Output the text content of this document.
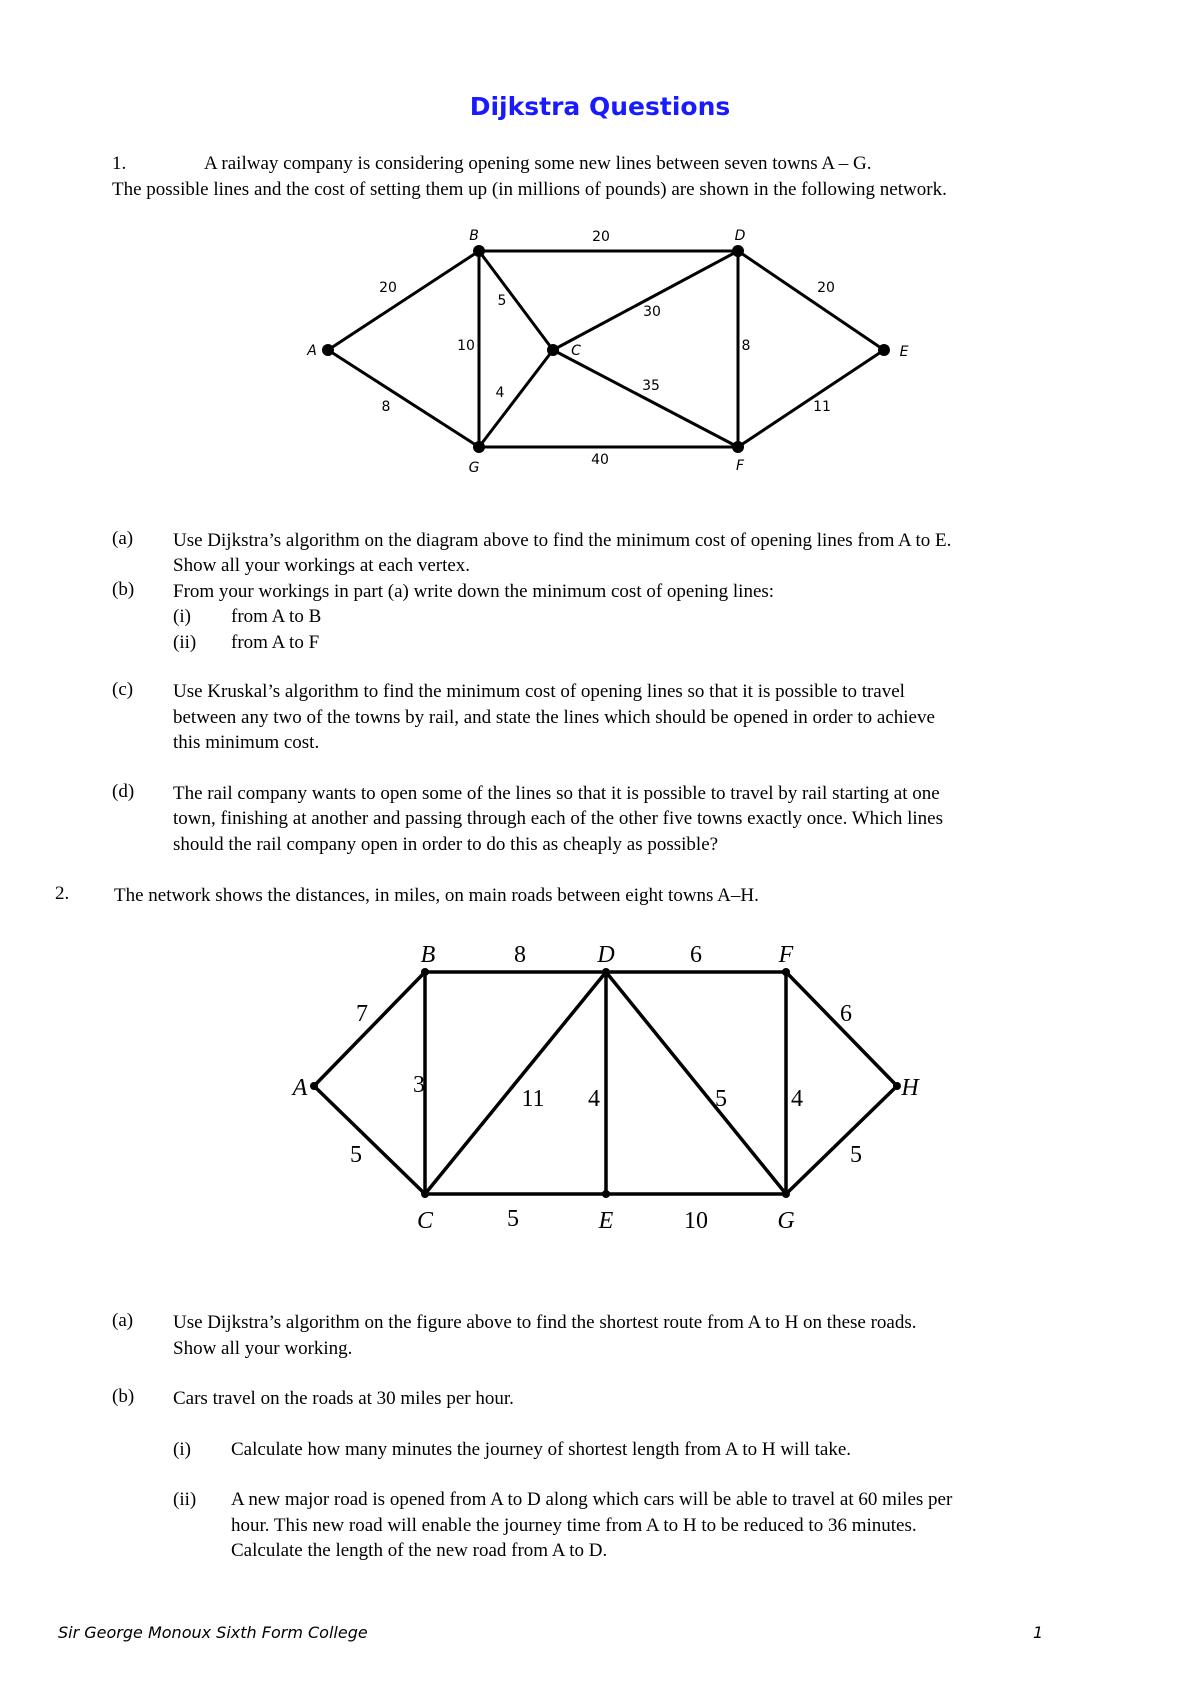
Dijkstra Questions
1.	A railway company is considering opening some new lines between seven towns A – G.
The possible lines and the cost of setting them up (in millions of pounds) are shown in the following network.
20
8
20
5
10
30
4	35
20
8
11
40
A
B
C
D
E
F
G
7
5
8
3
11
5
4
6
5
10
4
6
5
A
B
C
D
E
F
G
H
(a) Use Dijkstra’s algorithm on the diagram above to find the minimum cost of opening lines from A to E.
Show all your workings at each vertex.
(b) From your workings in part (a) write down the minimum cost of opening lines:
(i) from A to B
(ii) from A to F
(c) Use Kruskal’s algorithm to find the minimum cost of opening lines so that it is possible to travel
between any two of the towns by rail, and state the lines which should be opened in order to achieve
this minimum cost.
(d) The rail company wants to open some of the lines so that it is possible to travel by rail starting at one
town, finishing at another and passing through each of the other five towns exactly once. Which lines
should the rail company open in order to do this as cheaply as possible?
2. The network shows the distances, in miles, on main roads between eight towns A–H.
(a) Use Dijkstra’s algorithm on the figure above to find the shortest route from A to H on these roads.
Show all your working.
(b) Cars travel on the roads at 30 miles per hour.
(i) Calculate how many minutes the journey of shortest length from A to H will take.
(ii) A new major road is opened from A to D along which cars will be able to travel at 60 miles per
hour. This new road will enable the journey time from A to H to be reduced to 36 minutes.
Calculate the length of the new road from A to D.
Sir George Monoux Sixth Form College	1
